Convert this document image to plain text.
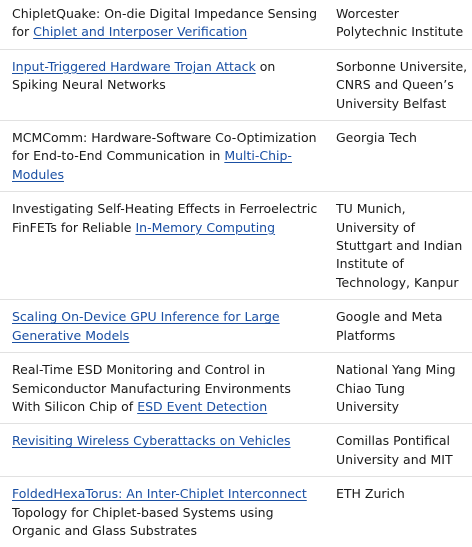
ChipletQuake: On-die Digital Impedance Sensing for Chiplet and Interposer Verification	Worcester Polytechnic Institute
Input-Triggered Hardware Trojan Attack on Spiking Neural Networks	Sorbonne Universite, CNRS and Queen’s University Belfast
MCMComm: Hardware-Software Co-Optimization for End-to-End Communication in Multi-Chip-Modules	Georgia Tech
Investigating Self-Heating Effects in Ferroelectric FinFETs for Reliable In-Memory Computing	TU Munich, University of Stuttgart and Indian Institute of Technology, Kanpur
Scaling On-Device GPU Inference for Large Generative Models	Google and Meta Platforms
Real-Time ESD Monitoring and Control in Semiconductor Manufacturing Environments With Silicon Chip of ESD Event Detection	National Yang Ming Chiao Tung University
Revisiting Wireless Cyberattacks on Vehicles	Comillas Pontifical University and MIT
FoldedHexaTorus: An Inter-Chiplet Interconnect Topology for Chiplet-based Systems using Organic and Glass Substrates	ETH Zurich
